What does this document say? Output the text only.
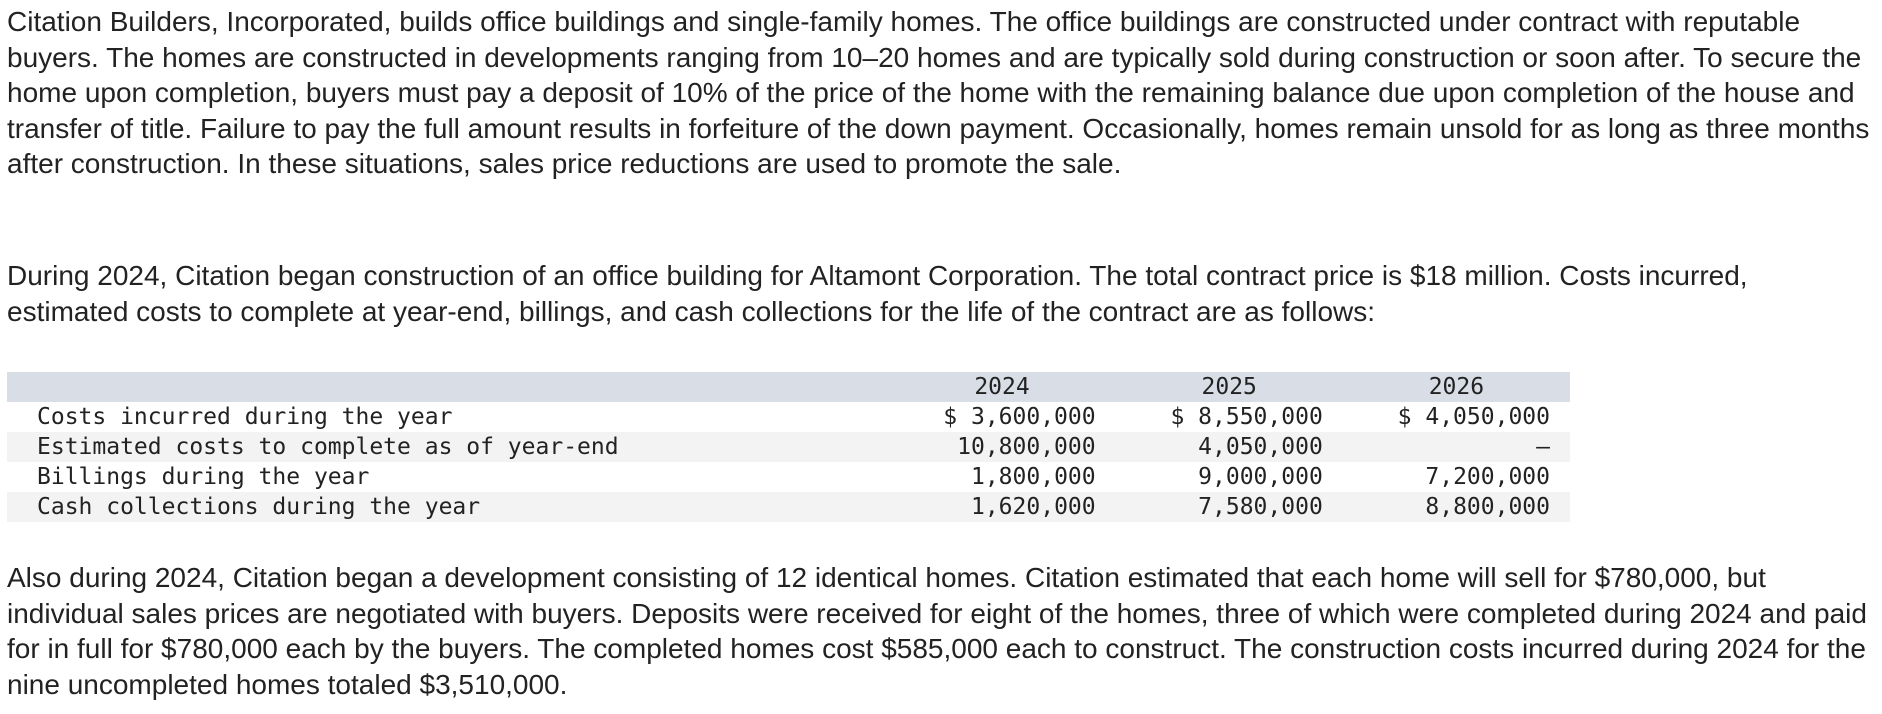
Citation Builders, Incorporated, builds office buildings and single-family homes. The office buildings are constructed under contract with reputable buyers. The homes are constructed in developments ranging from 10–20 homes and are typically sold during construction or soon after. To secure the home upon completion, buyers must pay a deposit of 10% of the price of the home with the remaining balance due upon completion of the house and transfer of title. Failure to pay the full amount results in forfeiture of the down payment. Occasionally, homes remain unsold for as long as three months after construction. In these situations, sales price reductions are used to promote the sale.

During 2024, Citation began construction of an office building for Altamont Corporation. The total contract price is $18 million. Costs incurred, estimated costs to complete at year-end, billings, and cash collections for the life of the contract are as follows:

	2024	2025	2026
Costs incurred during the year	$ 3,600,000	$ 8,550,000	$ 4,050,000
Estimated costs to complete as of year-end	10,800,000	4,050,000	–
Billings during the year	1,800,000	9,000,000	7,200,000
Cash collections during the year	1,620,000	7,580,000	8,800,000

Also during 2024, Citation began a development consisting of 12 identical homes. Citation estimated that each home will sell for $780,000, but individual sales prices are negotiated with buyers. Deposits were received for eight of the homes, three of which were completed during 2024 and paid for in full for $780,000 each by the buyers. The completed homes cost $585,000 each to construct. The construction costs incurred during 2024 for the nine uncompleted homes totaled $3,510,000.
